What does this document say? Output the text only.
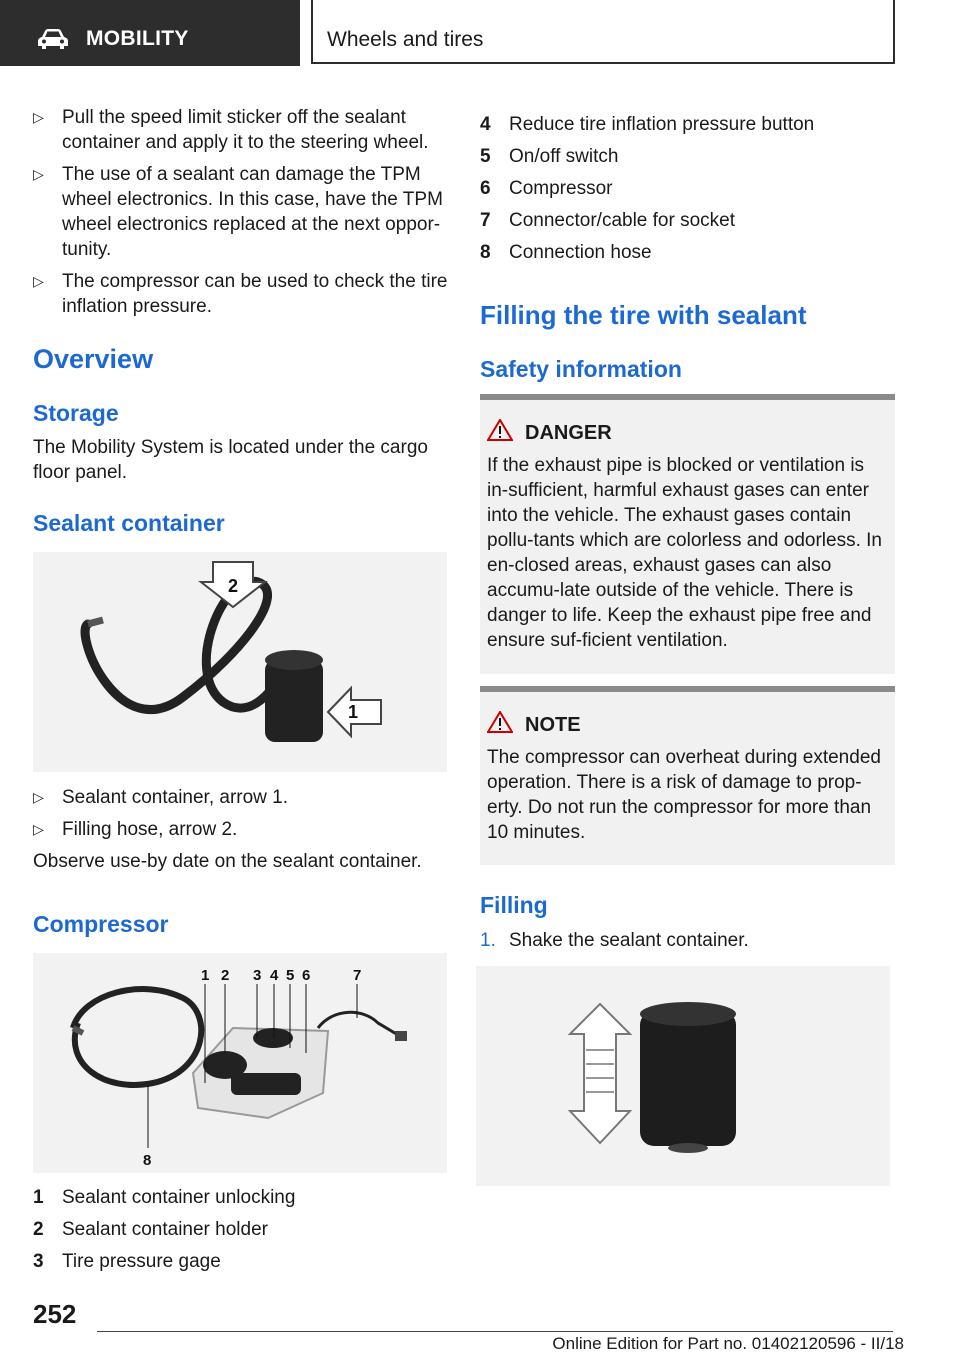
MOBILITY	Wheels and tires
▷ Pull the speed limit sticker off the sealant container and apply it to the steering wheel.
▷ The use of a sealant can damage the TPM wheel electronics. In this case, have the TPM wheel electronics replaced at the next oppor-tunity.
▷ The compressor can be used to check the tire inflation pressure.
Overview
Storage
The Mobility System is located under the cargo floor panel.
Sealant container
2
1
▷ Sealant container, arrow 1.
▷ Filling hose, arrow 2.
Observe use-by date on the sealant container.
Compressor
1 2 3 4 5 6	7
8
1 Sealant container unlocking
2 Sealant container holder
3 Tire pressure gage
4 Reduce tire inflation pressure button
5 On/off switch
6 Compressor
7 Connector/cable for socket
8 Connection hose
Filling the tire with sealant
Safety information
DANGER
If the exhaust pipe is blocked or ventilation is in-sufficient, harmful exhaust gases can enter into the vehicle. The exhaust gases contain pollu-tants which are colorless and odorless. In en-closed areas, exhaust gases can also accumu-late outside of the vehicle. There is danger to life. Keep the exhaust pipe free and ensure suf-ficient ventilation.
NOTE
The compressor can overheat during extended operation. There is a risk of damage to prop-erty. Do not run the compressor for more than 10 minutes.
Filling
1. Shake the sealant container.
252
Online Edition for Part no. 01402120596 - II/18
